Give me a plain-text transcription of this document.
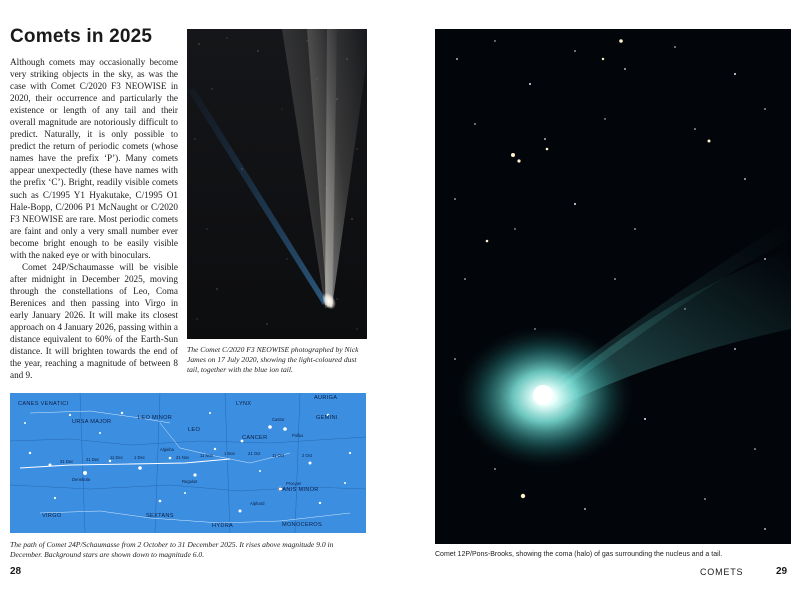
Comets in 2025

Although comets may occasionally become very striking objects in the sky, as was the case with Comet C/2020 F3 NEOWISE in 2020, their occurrence and particularly the existence or length of any tail and their overall magnitude are notoriously difficult to predict. Naturally, it is only possible to predict the return of periodic comets (whose names have the prefix ‘P’). Many comets appear unexpectedly (these have names with the prefix ‘C’). Bright, readily visible comets such as C/1995 Y1 Hyakutake, C/1995 O1 Hale-Bopp, C/2006 P1 McNaught or C/2020 F3 NEOWISE are rare. Most periodic comets are faint and only a very small number ever become bright enough to be easily visible with the naked eye or with binoculars.

Comet 24P/Schaumasse will be visible after midnight in December 2025, moving through the constellations of Leo, Coma Berenices and then passing into Virgo in early January 2026. It will make its closest approach on 4 January 2026, passing within a distance equivalent to 60% of the Earth-Sun distance. It will brighten towards the end of the year, reaching a magnitude of between 8 and 9.

The Comet C/2020 F3 NEOWISE photographed by Nick James on 17 July 2020, showing the light-coloured dust tail, together with the blue ion tail.
CANES VENATICI
URSA MAJOR
LEO MINOR
LYNX
AURIGA
GEMINI
LEO
CANCER
VIRGO	SEXTANS
HYDRA
CANIS MINOR
MONOCEROS
Denebola	Regulus
Algieba
Alphard
Procyon
Pollux
Castor
1 Dec
11 Dec
21 Dec
31 Dec
1 Nov
11 Nov
21 Nov	11 Oct
21 Oct	2 Oct
The path of Comet 24P/Schaumasse from 2 October to 31 December 2025. It rises above magnitude 9.0 in December. Background stars are shown down to magnitude 6.0.
28
Comet 12P/Pons-Brooks, showing the coma (halo) of gas surrounding the nucleus and a tail.
COMETS	29
